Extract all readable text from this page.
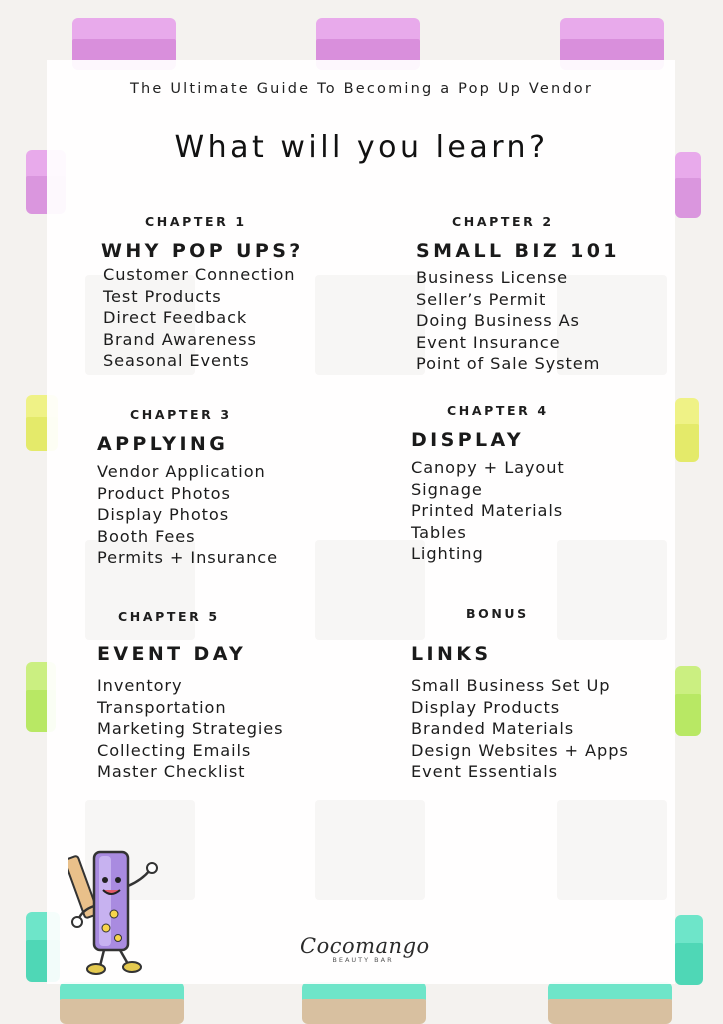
The Ultimate Guide To Becoming a Pop Up Vendor
What will you learn?
CHAPTER 1
WHY POP UPS?
Customer Connection
Test Products
Direct Feedback
Brand Awareness
Seasonal Events
CHAPTER 2
SMALL BIZ 101
Business License
Seller’s Permit
Doing Business As
Event Insurance
Point of Sale System
CHAPTER 3
APPLYING
Vendor Application
Product Photos
Display Photos
Booth Fees
Permits + Insurance
CHAPTER 4
DISPLAY
Canopy + Layout
Signage
Printed Materials
Tables
Lighting
CHAPTER 5
EVENT DAY
Inventory
Transportation
Marketing Strategies
Collecting Emails
Master Checklist
BONUS
LINKS
Small Business Set Up
Display Products
Branded Materials
Design Websites + Apps
Event Essentials
Cocomango
BEAUTY BAR
